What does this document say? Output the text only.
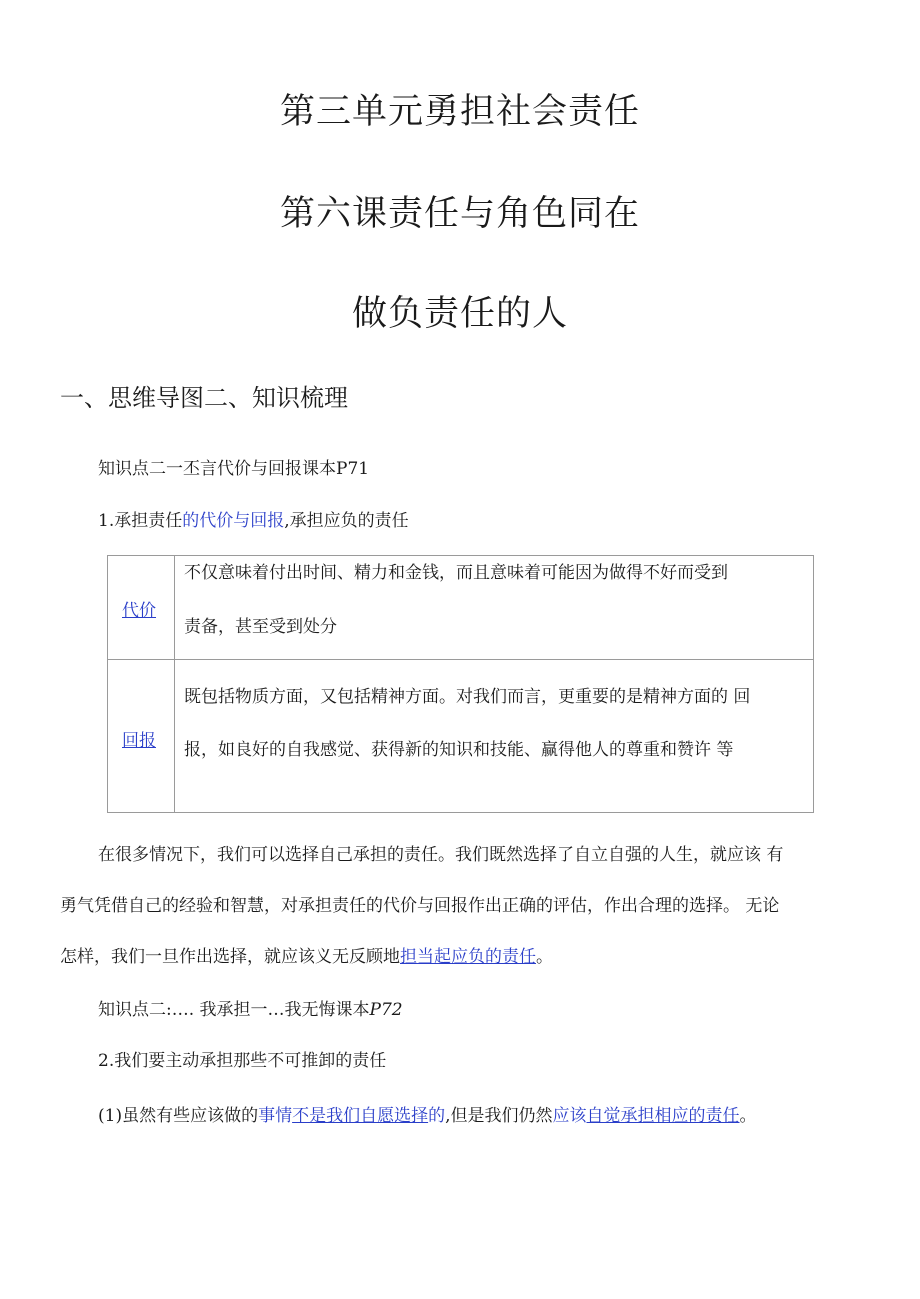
第三单元勇担社会责任
第六课责任与角色同在
做负责任的人
一、思维导图二、知识梳理

知识点二一丕言代价与回报课本P71

1.承担责任的代价与回报,承担应负的责任

代价
不仅意味着付出时间、精力和金钱，而且意味着可能因为做得不好而受到
责备，甚至受到处分
回报
既包括物质方面，又包括精神方面。对我们而言，更重要的是精神方面的 回
报，如良好的自我感觉、获得新的知识和技能、赢得他人的尊重和赞许 等

在很多情况下，我们可以选择自己承担的责任。我们既然选择了自立自强的人生，就应该 有

勇气凭借自己的经验和智慧，对承担责任的代价与回报作出正确的评估，作出合理的选择。 无论

怎样，我们一旦作出选择，就应该义无反顾地担当起应负的责任。

知识点二:…. 我承担一…我无悔课本P72

2.我们要主动承担那些不可推卸的责任

(1)虽然有些应该做的事情不是我们自愿选择的,但是我们仍然应该自觉承担相应的责任。
